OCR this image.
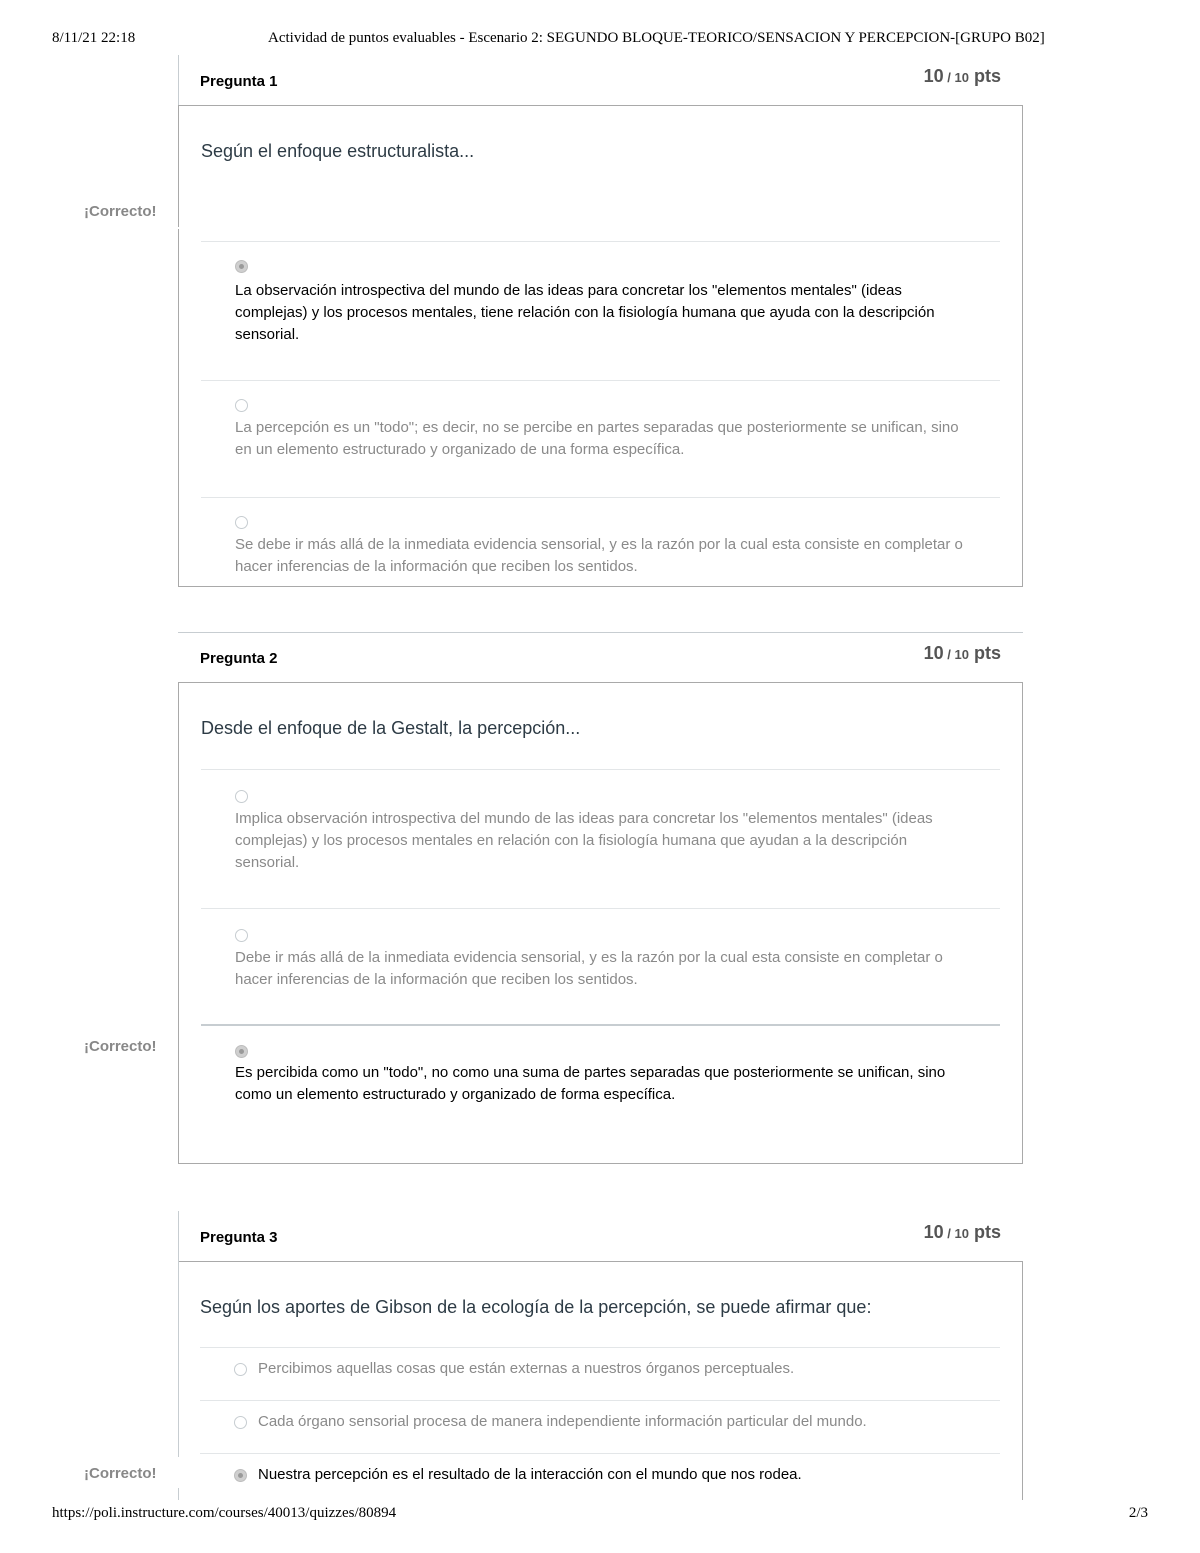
8/11/21 22:18	Actividad de puntos evaluables - Escenario 2: SEGUNDO BLOQUE-TEORICO/SENSACION Y PERCEPCION-[GRUPO B02]
Pregunta 1	10 / 10 pts
Según el enfoque estructuralista...
La observación introspectiva del mundo de las ideas para concretar los "elementos mentales" (ideas complejas) y los procesos mentales, tiene relación con la fisiología humana que ayuda con la descripción sensorial.
La percepción es un "todo"; es decir, no se percibe en partes separadas que posteriormente se unifican, sino en un elemento estructurado y organizado de una forma específica.
Se debe ir más allá de la inmediata evidencia sensorial, y es la razón por la cual esta consiste en completar o hacer inferencias de la información que reciben los sentidos.
¡Correcto!
Pregunta 2	10 / 10 pts
Desde el enfoque de la Gestalt, la percepción...
Implica observación introspectiva del mundo de las ideas para concretar los "elementos mentales" (ideas complejas) y los procesos mentales en relación con la fisiología humana que ayudan a la descripción sensorial.
Debe ir más allá de la inmediata evidencia sensorial, y es la razón por la cual esta consiste en completar o hacer inferencias de la información que reciben los sentidos.
Es percibida como un "todo", no como una suma de partes separadas que posteriormente se unifican, sino como un elemento estructurado y organizado de forma específica.
¡Correcto!
Pregunta 3	10 / 10 pts
Según los aportes de Gibson de la ecología de la percepción, se puede afirmar que:
Percibimos aquellas cosas que están externas a nuestros órganos perceptuales.
Cada órgano sensorial procesa de manera independiente información particular del mundo.
Nuestra percepción es el resultado de la interacción con el mundo que nos rodea.
¡Correcto!
https://poli.instructure.com/courses/40013/quizzes/80894	2/3
